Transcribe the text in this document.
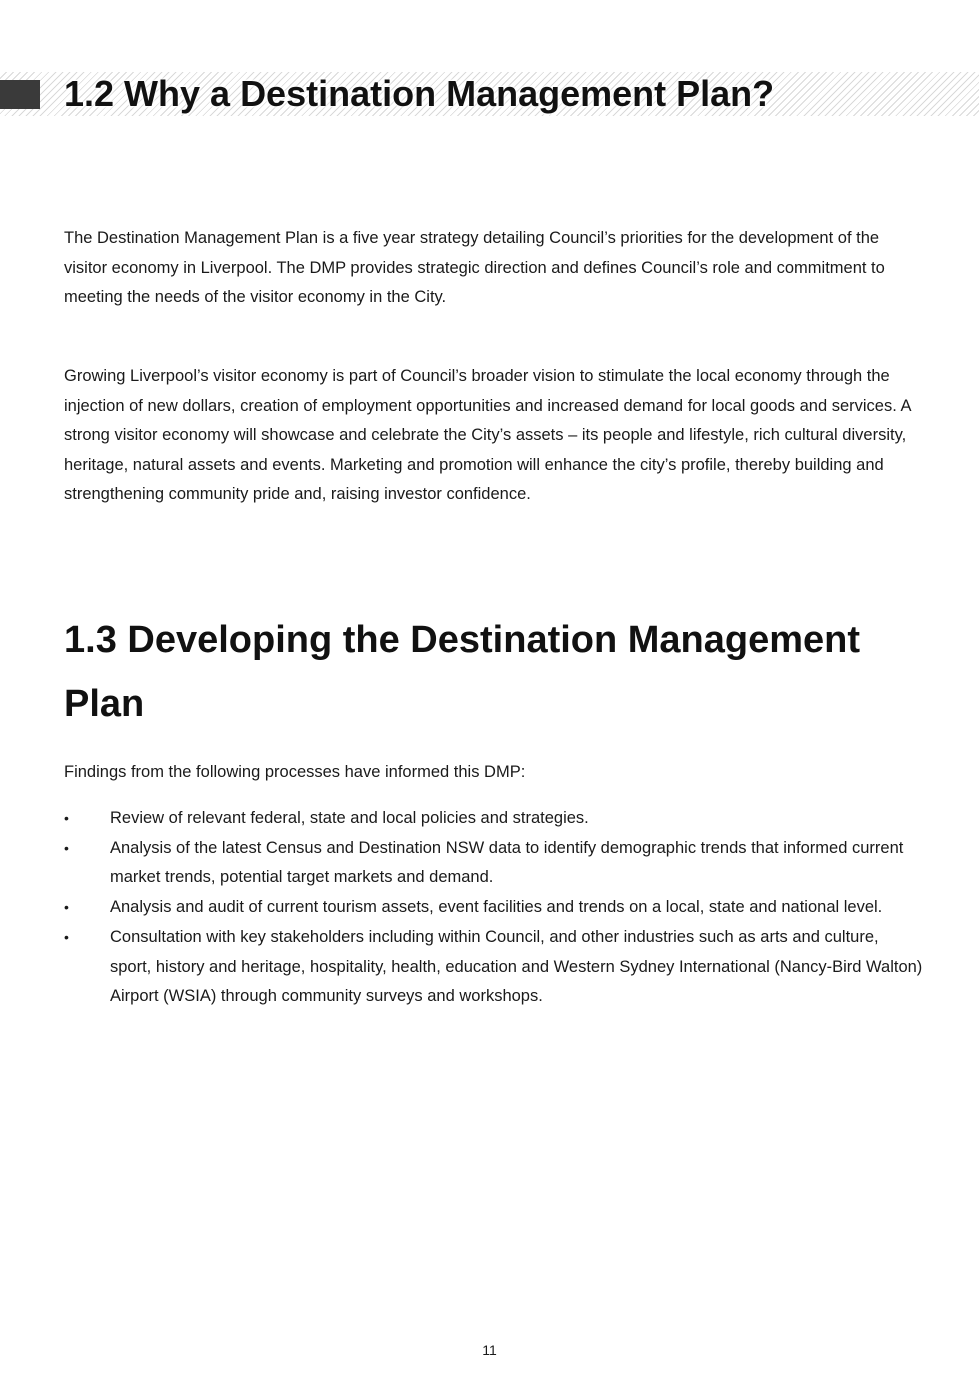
1.2 Why a Destination Management Plan?

The Destination Management Plan is a five year strategy detailing Council’s priorities for the development of the visitor economy in Liverpool. The DMP provides strategic direction and defines Council’s role and commitment to meeting the needs of the visitor economy in the City.

Growing Liverpool’s visitor economy is part of Council’s broader vision to stimulate the local economy through the injection of new dollars, creation of employment opportunities and increased demand for local goods and services. A strong visitor economy will showcase and celebrate the City’s assets – its people and lifestyle, rich cultural diversity, heritage, natural assets and events. Marketing and promotion will enhance the city’s profile, thereby building and strengthening community pride and, raising investor confidence.

1.3 Developing the Destination Management Plan

Findings from the following processes have informed this DMP:

•	Review of relevant federal, state and local policies and strategies.
•	Analysis of the latest Census and Destination NSW data to identify demographic trends that informed current market trends, potential target markets and demand.
•	Analysis and audit of current tourism assets, event facilities and trends on a local, state and national level.
•	Consultation with key stakeholders including within Council, and other industries such as arts and culture, sport, history and heritage, hospitality, health, education and Western Sydney International (Nancy-Bird Walton) Airport (WSIA) through community surveys and workshops.
11
